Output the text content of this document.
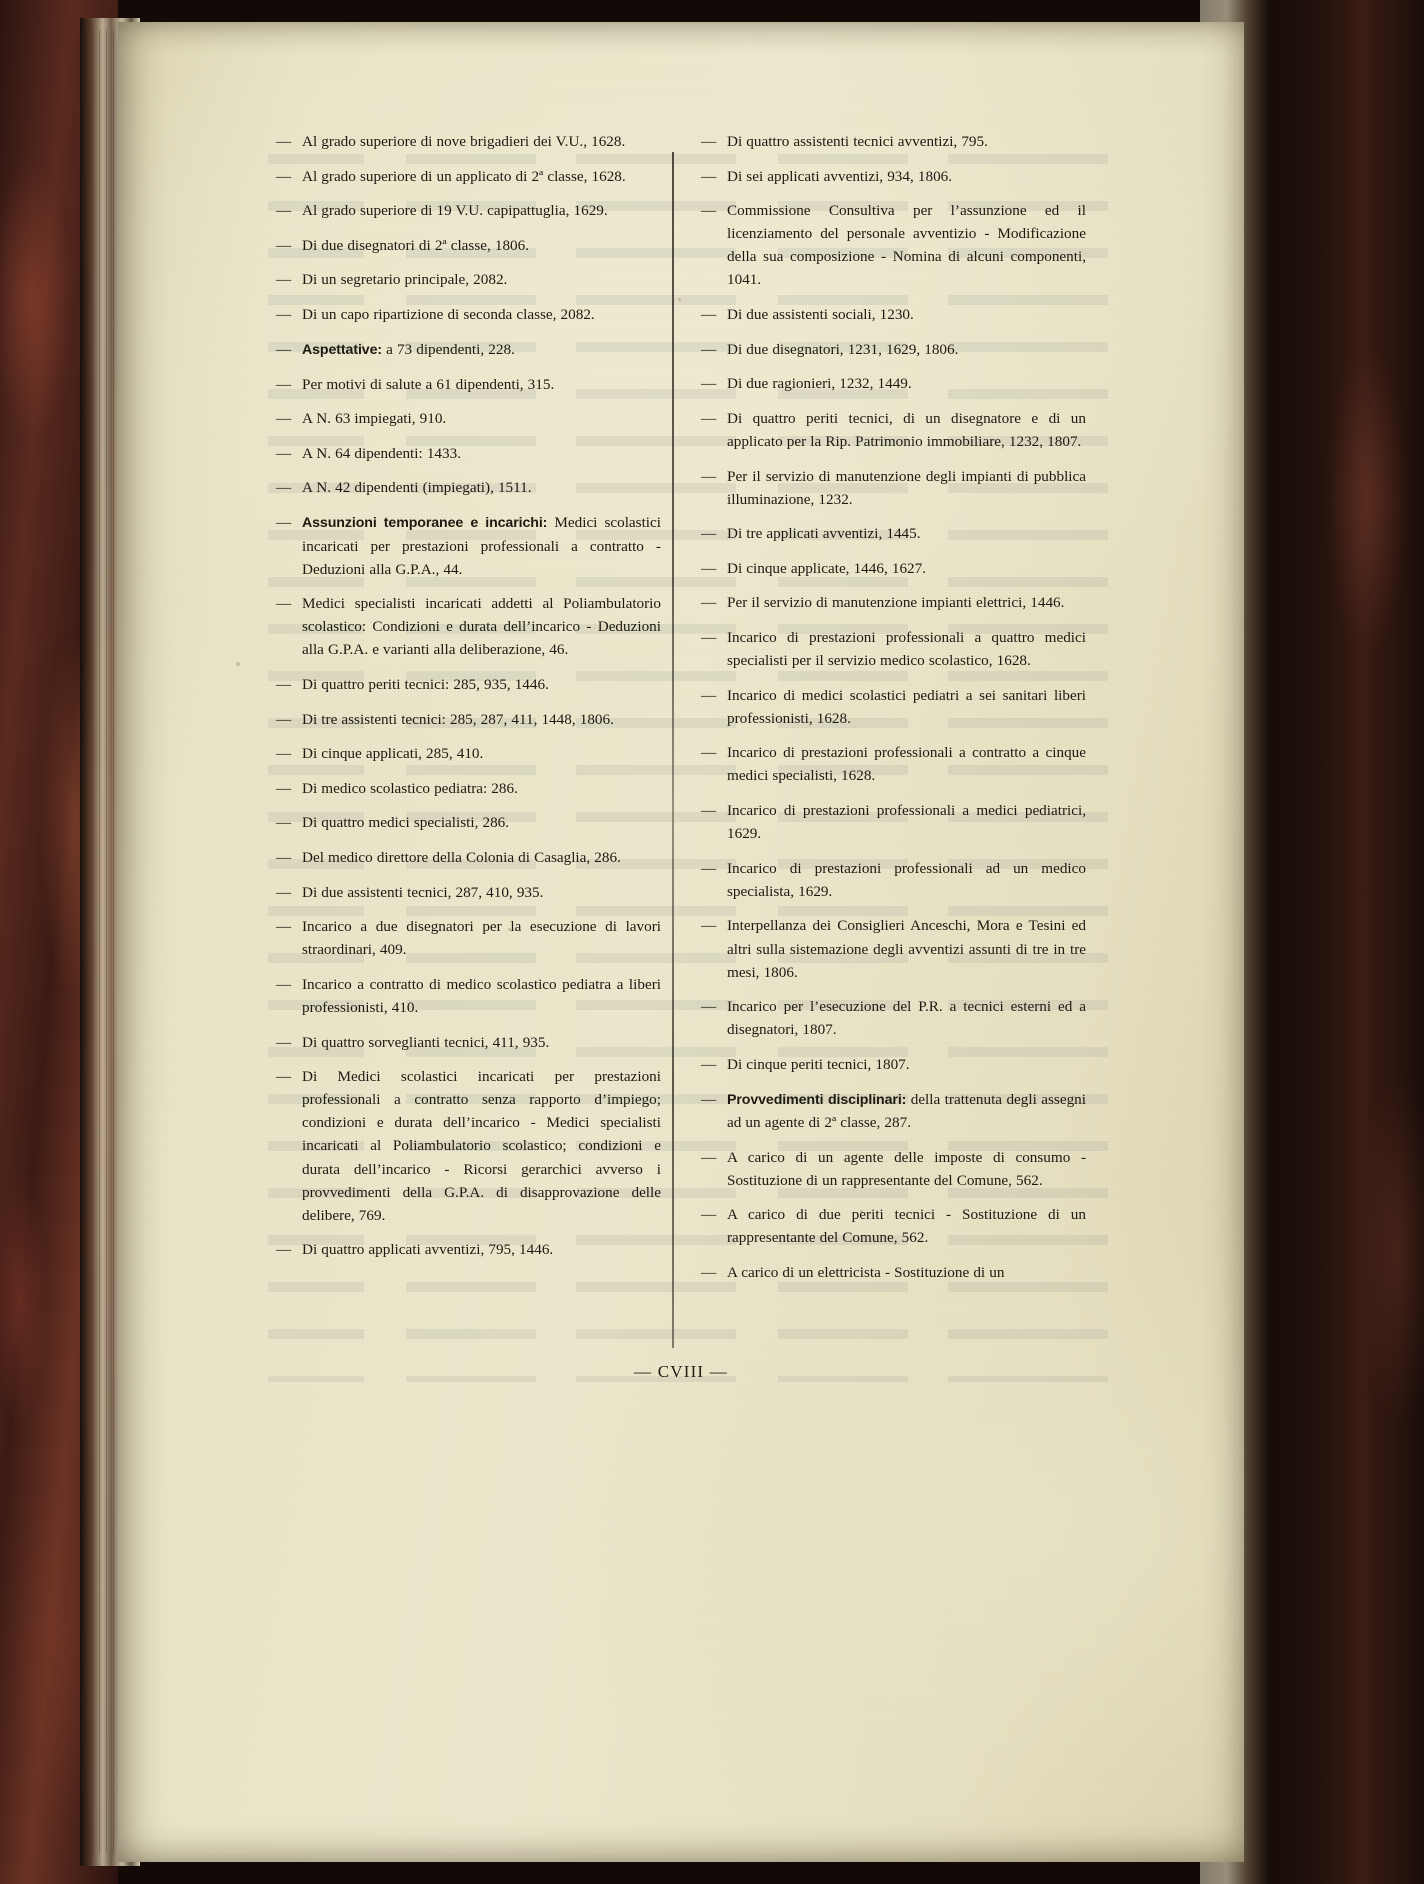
— Al grado superiore di nove brigadieri dei V.U., 1628.
— Al grado superiore di un applicato di 2ª classe, 1628.
— Al grado superiore di 19 V.U. capipattuglia, 1629.
— Di due disegnatori di 2ª classe, 1806.
— Di un segretario principale, 2082.
— Di un capo ripartizione di seconda classe, 2082.
— Aspettative: a 73 dipendenti, 228.
— Per motivi di salute a 61 dipendenti, 315.
— A N. 63 impiegati, 910.
— A N. 64 dipendenti: 1433.
— A N. 42 dipendenti (impiegati), 1511.
— Assunzioni temporanee e incarichi: Medici scolastici incaricati per prestazioni professionali a contratto - Deduzioni alla G.P.A., 44.
— Medici specialisti incaricati addetti al Poliambulatorio scolastico: Condizioni e durata dell’incarico - Deduzioni alla G.P.A. e varianti alla deliberazione, 46.
— Di quattro periti tecnici: 285, 935, 1446.
— Di tre assistenti tecnici: 285, 287, 411, 1448, 1806.
— Di cinque applicati, 285, 410.
— Di medico scolastico pediatra: 286.
— Di quattro medici specialisti, 286.
— Del medico direttore della Colonia di Casaglia, 286.
— Di due assistenti tecnici, 287, 410, 935.
— Incarico a due disegnatori per la esecuzione di lavori straordinari, 409.
— Incarico a contratto di medico scolastico pediatra a liberi professionisti, 410.
— Di quattro sorveglianti tecnici, 411, 935.
— Di Medici scolastici incaricati per prestazioni professionali a contratto senza rapporto d’impiego; condizioni e durata dell’incarico - Medici specialisti incaricati al Poliambulatorio scolastico; condizioni e durata dell’incarico - Ricorsi gerarchici avverso i provvedimenti della G.P.A. di disapprovazione delle delibere, 769.
— Di quattro applicati avventizi, 795, 1446.
— Di quattro assistenti tecnici avventizi, 795.
— Di sei applicati avventizi, 934, 1806.
— Commissione Consultiva per l’assunzione ed il licenziamento del personale avventizio - Modificazione della sua composizione - Nomina di alcuni componenti, 1041.
— Di due assistenti sociali, 1230.
— Di due disegnatori, 1231, 1629, 1806.
— Di due ragionieri, 1232, 1449.
— Di quattro periti tecnici, di un disegnatore e di un applicato per la Rip. Patrimonio immobiliare, 1232, 1807.
— Per il servizio di manutenzione degli impianti di pubblica illuminazione, 1232.
— Di tre applicati avventizi, 1445.
— Di cinque applicate, 1446, 1627.
— Per il servizio di manutenzione impianti elettrici, 1446.
— Incarico di prestazioni professionali a quattro medici specialisti per il servizio medico scolastico, 1628.
— Incarico di medici scolastici pediatri a sei sanitari liberi professionisti, 1628.
— Incarico di prestazioni professionali a contratto a cinque medici specialisti, 1628.
— Incarico di prestazioni professionali a medici pediatrici, 1629.
— Incarico di prestazioni professionali ad un medico specialista, 1629.
— Interpellanza dei Consiglieri Anceschi, Mora e Tesini ed altri sulla sistemazione degli avventizi assunti di tre in tre mesi, 1806.
— Incarico per l’esecuzione del P.R. a tecnici esterni ed a disegnatori, 1807.
— Di cinque periti tecnici, 1807.
— Provvedimenti disciplinari: della trattenuta degli assegni ad un agente di 2ª classe, 287.
— A carico di un agente delle imposte di consumo - Sostituzione di un rappresentante del Comune, 562.
— A carico di due periti tecnici - Sostituzione di un rappresentante del Comune, 562.
— A carico di un elettricista - Sostituzione di un
— CVIII —
